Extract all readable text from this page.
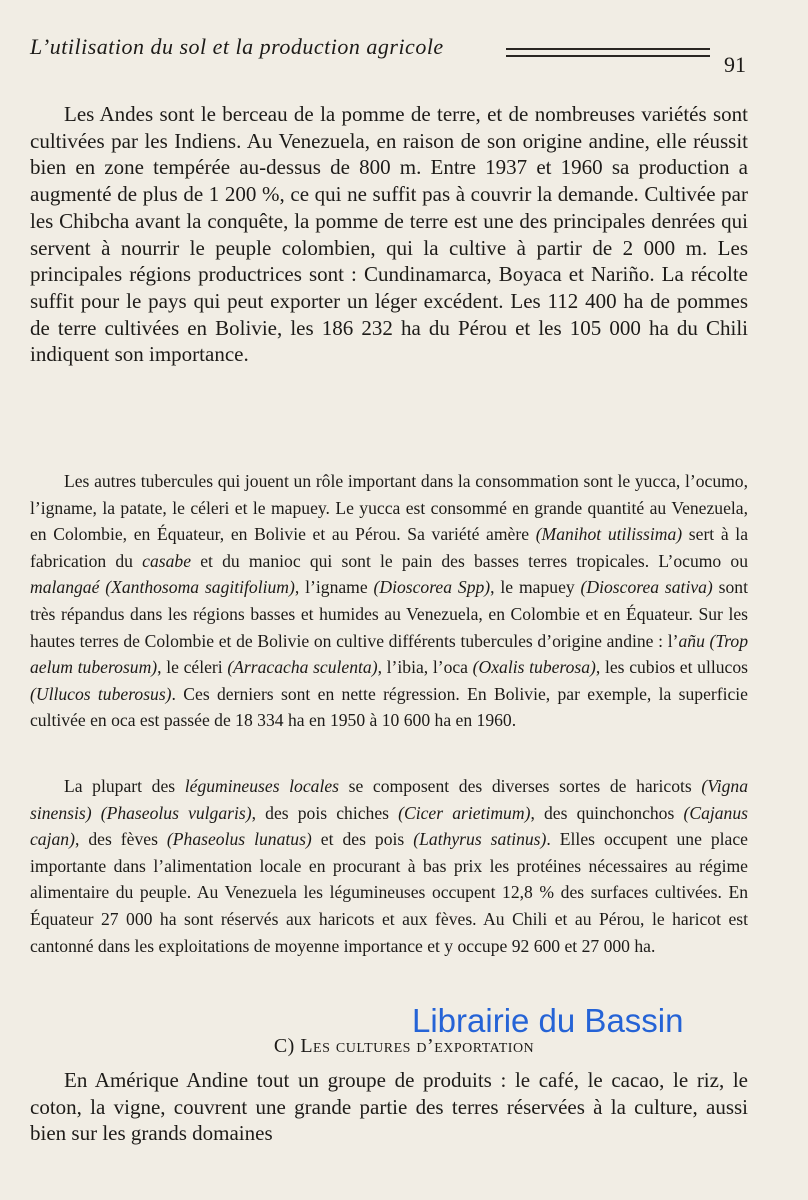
L’utilisation du sol et la production agricole
91

Les Andes sont le berceau de la pomme de terre, et de nombreuses variétés sont cultivées par les Indiens. Au Venezuela, en raison de son origine andine, elle réussit bien en zone tempérée au-dessus de 800 m. Entre 1937 et 1960 sa production a augmenté de plus de 1 200 %, ce qui ne suffit pas à couvrir la demande. Cultivée par les Chibcha avant la conquête, la pomme de terre est une des principales denrées qui servent à nourrir le peuple colombien, qui la cultive à partir de 2 000 m. Les principales régions productrices sont : Cundinamarca, Boyaca et Nariño. La récolte suffit pour le pays qui peut exporter un léger excédent. Les 112 400 ha de pommes de terre cultivées en Bolivie, les 186 232 ha du Pérou et les 105 000 ha du Chili indiquent son importance.

Les autres tubercules qui jouent un rôle important dans la consommation sont le yucca, l’ocumo, l’igname, la patate, le céleri et le mapuey. Le yucca est consommé en grande quantité au Venezuela, en Colombie, en Équateur, en Bolivie et au Pérou. Sa variété amère (Manihot utilissima) sert à la fabrication du casabe et du manioc qui sont le pain des basses terres tropicales. L’ocumo ou malangaé (Xanthosoma sagitifolium), l’igname (Dioscorea Spp), le mapuey (Dioscorea sativa) sont très répandus dans les régions basses et humides au Venezuela, en Colombie et en Équateur. Sur les hautes terres de Colombie et de Bolivie on cultive différents tubercules d’origine andine : l’añu (Trop aelum tuberosum), le céleri (Arracacha sculenta), l’ibia, l’oca (Oxalis tuberosa), les cubios et ullucos (Ullucos tuberosus). Ces derniers sont en nette régression. En Bolivie, par exemple, la superficie cultivée en oca est passée de 18 334 ha en 1950 à 10 600 ha en 1960.

La plupart des légumineuses locales se composent des diverses sortes de haricots (Vigna sinensis) (Phaseolus vulgaris), des pois chiches (Cicer arietimum), des quinchonchos (Cajanus cajan), des fèves (Phaseolus lunatus) et des pois (Lathyrus satinus). Elles occupent une place importante dans l’alimentation locale en procurant à bas prix les protéines nécessaires au régime alimentaire du peuple. Au Venezuela les légumineuses occupent 12,8 % des surfaces cultivées. En Équateur 27 000 ha sont réservés aux haricots et aux fèves. Au Chili et au Pérou, le haricot est cantonné dans les exploitations de moyenne importance et y occupe 92 600 et 27 000 ha.

Librairie du Bassin
C) Les cultures d’exportation

En Amérique Andine tout un groupe de produits : le café, le cacao, le riz, le coton, la vigne, couvrent une grande partie des terres réservées à la culture, aussi bien sur les grands domaines
